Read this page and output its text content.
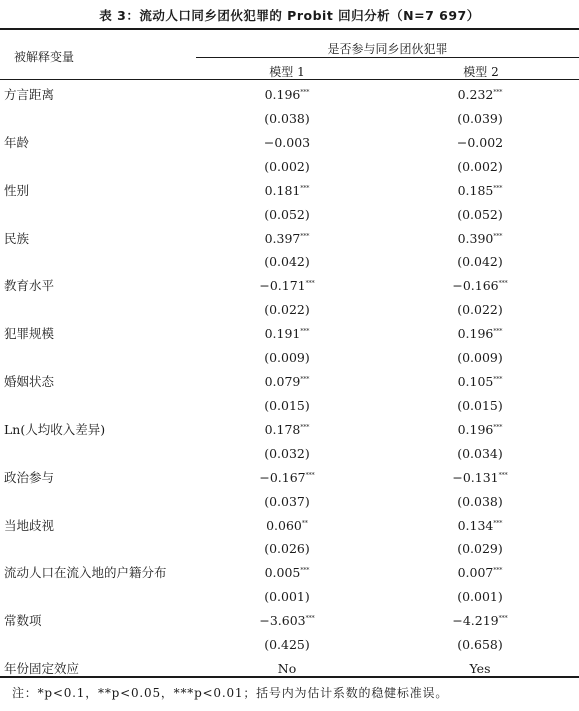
表 3：流动人口同乡团伙犯罪的 Probit 回归分析（N=7 697）
被解释变量
是否参与同乡团伙犯罪
模型 1	模型 2
方言距离	0.196***	0.232***
(0.038)	(0.039)
年龄	−0.003	−0.002
(0.002)	(0.002)
性别	0.181***	0.185***
(0.052)	(0.052)
民族	0.397***	0.390***
(0.042)	(0.042)
教育水平	−0.171***	−0.166***
(0.022)	(0.022)
犯罪规模	0.191***	0.196***
(0.009)	(0.009)
婚姻状态	0.079***	0.105***
(0.015)	(0.015)
Ln(人均收入差异)	0.178***	0.196***
(0.032)	(0.034)
政治参与	−0.167***	−0.131***
(0.037)	(0.038)
当地歧视	0.060**	0.134***
(0.026)	(0.029)
流动人口在流入地的户籍分布	0.005***	0.007***
(0.001)	(0.001)
常数项	−3.603***	−4.219***
(0.425)	(0.658)
年份固定效应	No	Yes
注：*p<0.1，**p<0.05，***p<0.01；括号内为估计系数的稳健标准误。
